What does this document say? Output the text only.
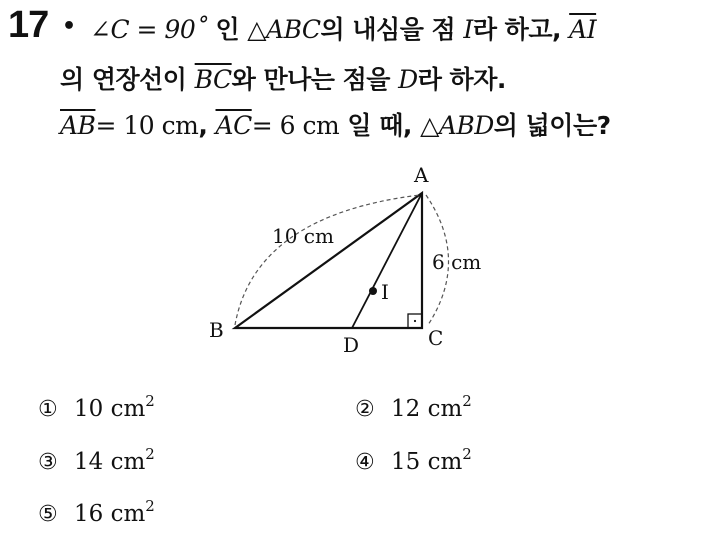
17 • ∠C = 90˚ 인 △ABC의 내심을 점 I라 하고, $\overline{AI}$
의 연장선이 $\overline{BC}$와 만나는 점을 D라 하자.
$\overline{AB}= 10$ cm, $\overline{AC}= 6$ cm 일 때, △ABD의 넓이는?
A
B	C
D
I
10 cm
6 cm
① 10 $cm^2$	② 12 $cm^2$
③ 14 $cm^2$	④ 15 $cm^2$
⑤ 16 $cm^2$
